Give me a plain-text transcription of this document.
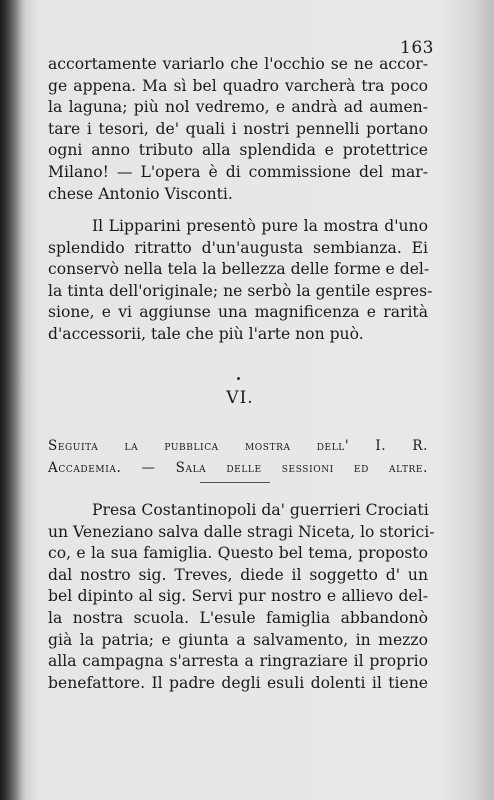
163
accortamente variarlo che l'occhio se ne accor-
ge appena. Ma sì bel quadro varcherà tra poco
la laguna; più nol vedremo, e andrà ad aumen-
tare i tesori, de' quali i nostri pennelli portano
ogni anno tributo alla splendida e protettrice
Milano! — L'opera è di commissione del mar-
chese Antonio Visconti.
Il Lipparini presentò pure la mostra d'uno
splendido ritratto d'un'augusta sembianza. Ei
conservò nella tela la bellezza delle forme e del-
la tinta dell'originale; ne serbò la gentile espres-
sione, e vi aggiunse una magnificenza e rarità
d'accessorii, tale che più l'arte non può.
VI.
Seguita la pubblica mostra dell' I. R.
Accademia. — Sala delle sessioni ed altre.
Presa Costantinopoli da' guerrieri Crociati
un Veneziano salva dalle stragi Niceta, lo storici-
co, e la sua famiglia. Questo bel tema, proposto
dal nostro sig. Treves, diede il soggetto d' un
bel dipinto al sig. Servi pur nostro e allievo del-
la nostra scuola. L'esule famiglia abbandonò
già la patria; e giunta a salvamento, in mezzo
alla campagna s'arresta a ringraziare il proprio
benefattore. Il padre degli esuli dolenti il tiene
